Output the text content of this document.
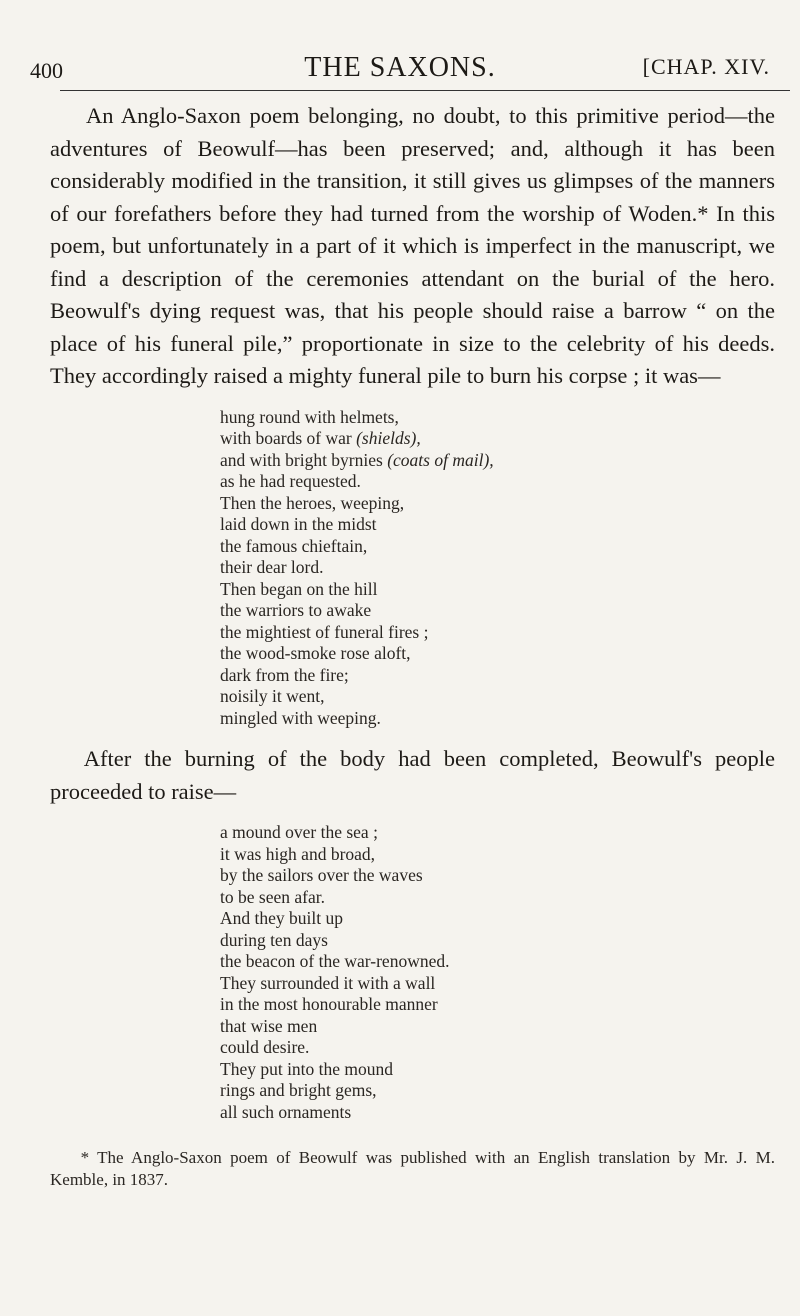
400	THE SAXONS.	[CHAP. XIV.

An Anglo-Saxon poem belonging, no doubt, to this primitive period—the adventures of Beowulf—has been preserved; and, although it has been considerably modified in the transition, it still gives us glimpses of the manners of our forefathers before they had turned from the worship of Woden.* In this poem, but unfortunately in a part of it which is imperfect in the manuscript, we find a description of the ceremonies attendant on the burial of the hero. Beowulf's dying request was, that his people should raise a barrow “ on the place of his funeral pile,” proportionate in size to the celebrity of his deeds. They accordingly raised a mighty funeral pile to burn his corpse ; it was—

hung round with helmets,
with boards of war (shields),
and with bright byrnies (coats of mail),
as he had requested.
Then the heroes, weeping,
laid down in the midst
the famous chieftain,
their dear lord.
Then began on the hill
the warriors to awake
the mightiest of funeral fires ;
the wood-smoke rose aloft,
dark from the fire;
noisily it went,
mingled with weeping.

After the burning of the body had been completed, Beowulf's people proceeded to raise—

a mound over the sea ;
it was high and broad,
by the sailors over the waves
to be seen afar.
And they built up
during ten days
the beacon of the war-renowned.
They surrounded it with a wall
in the most honourable manner
that wise men
could desire.
They put into the mound
rings and bright gems,
all such ornaments

* The Anglo-Saxon poem of Beowulf was published with an English translation by Mr. J. M. Kemble, in 1837.
